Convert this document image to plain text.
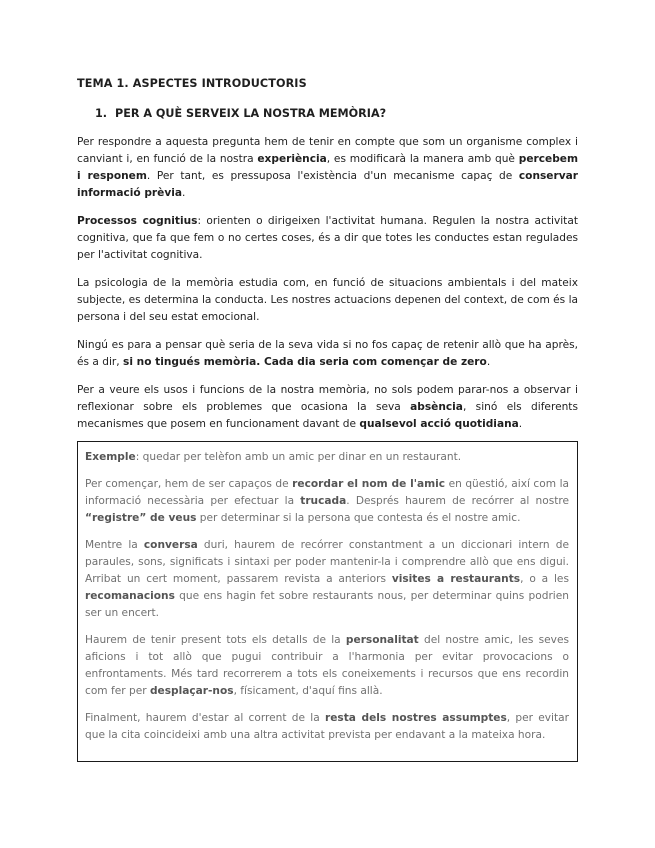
TEMA 1. ASPECTES INTRODUCTORIS
1. PER A QUÈ SERVEIX LA NOSTRA MEMÒRIA?

Per respondre a aquesta pregunta hem de tenir en compte que som un organisme complex i canviant i, en funció de la nostra experiència, es modificarà la manera amb què percebem i responem. Per tant, es pressuposa l'existència d'un mecanisme capaç de conservar informació prèvia.

Processos cognitius: orienten o dirigeixen l'activitat humana. Regulen la nostra activitat cognitiva, que fa que fem o no certes coses, és a dir que totes les conductes estan regulades per l'activitat cognitiva.

La psicologia de la memòria estudia com, en funció de situacions ambientals i del mateix subjecte, es determina la conducta. Les nostres actuacions depenen del context, de com és la persona i del seu estat emocional.

Ningú es para a pensar què seria de la seva vida si no fos capaç de retenir allò que ha après, és a dir, si no tingués memòria. Cada dia seria com començar de zero.

Per a veure els usos i funcions de la nostra memòria, no sols podem parar-nos a observar i reflexionar sobre els problemes que ocasiona la seva absència, sinó els diferents mecanismes que posem en funcionament davant de qualsevol acció quotidiana.

Exemple: quedar per telèfon amb un amic per dinar en un restaurant.

Per començar, hem de ser capaços de recordar el nom de l'amic en qüestió, així com la informació necessària per efectuar la trucada. Després haurem de recórrer al nostre “registre” de veus per determinar si la persona que contesta és el nostre amic.

Mentre la conversa duri, haurem de recórrer constantment a un diccionari intern de paraules, sons, significats i sintaxi per poder mantenir-la i comprendre allò que ens digui. Arribat un cert moment, passarem revista a anteriors visites a restaurants, o a les recomanacions que ens hagin fet sobre restaurants nous, per determinar quins podrien ser un encert.

Haurem de tenir present tots els detalls de la personalitat del nostre amic, les seves aficions i tot allò que pugui contribuir a l'harmonia per evitar provocacions o enfrontaments. Més tard recorrerem a tots els coneixements i recursos que ens recordin com fer per desplaçar-nos, físicament, d'aquí fins allà.

Finalment, haurem d'estar al corrent de la resta dels nostres assumptes, per evitar que la cita coincideixi amb una altra activitat prevista per endavant a la mateixa hora.
